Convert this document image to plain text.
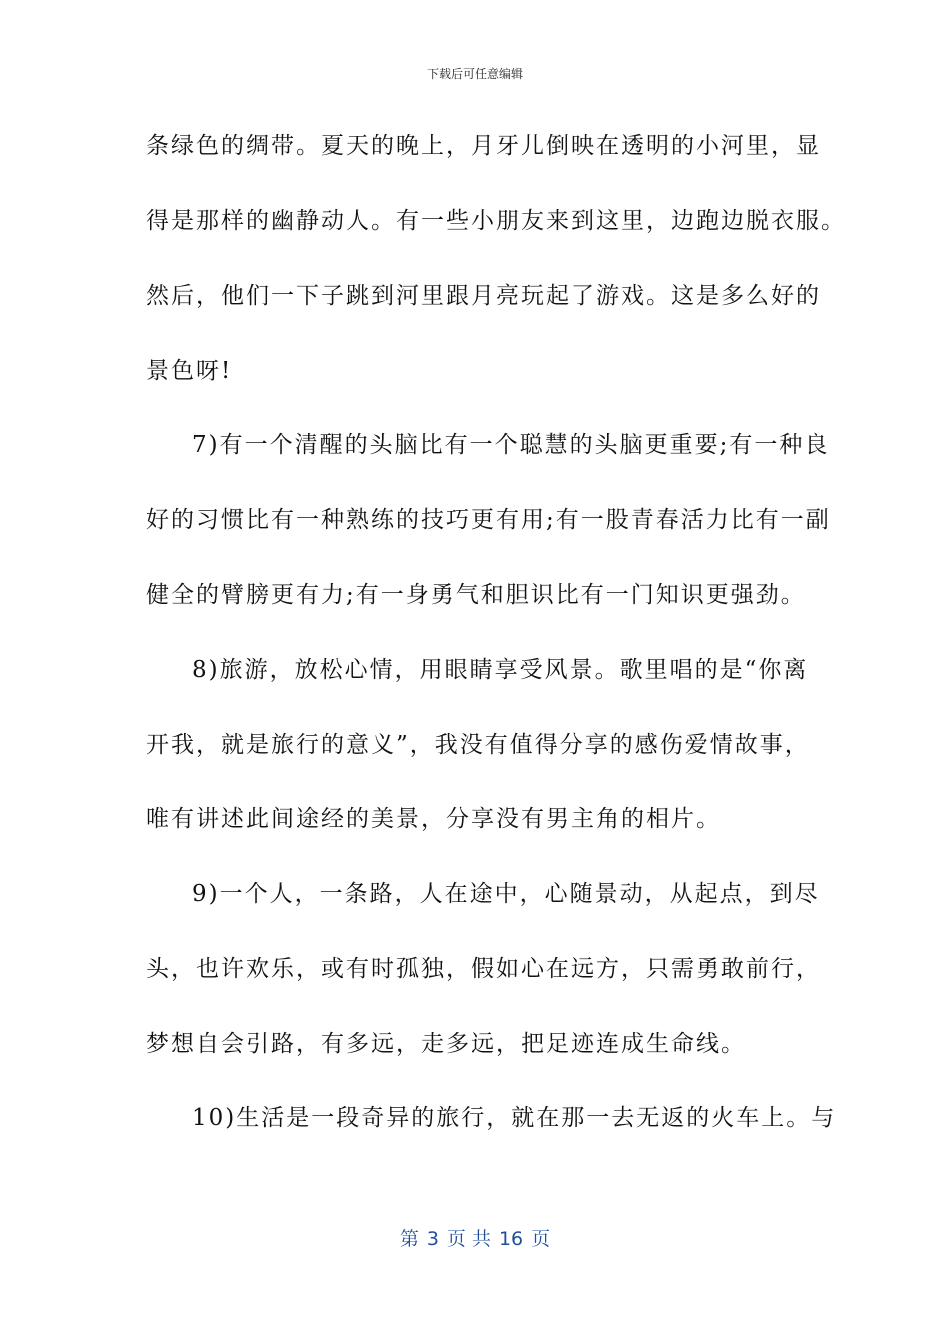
下载后可任意编辑
条绿色的绸带。夏天的晚上，月牙儿倒映在透明的小河里，显
得是那样的幽静动人。有一些小朋友来到这里，边跑边脱衣服。
然后，他们一下子跳到河里跟月亮玩起了游戏。这是多么好的
景色呀!
7)有一个清醒的头脑比有一个聪慧的头脑更重要;有一种良
好的习惯比有一种熟练的技巧更有用;有一股青春活力比有一副
健全的臂膀更有力;有一身勇气和胆识比有一门知识更强劲。
8)旅游，放松心情，用眼睛享受风景。歌里唱的是“你离
开我，就是旅行的意义”，我没有值得分享的感伤爱情故事，
唯有讲述此间途经的美景，分享没有男主角的相片。
9)一个人，一条路，人在途中，心随景动，从起点，到尽
头，也许欢乐，或有时孤独，假如心在远方，只需勇敢前行，
梦想自会引路，有多远，走多远，把足迹连成生命线。
10)生活是一段奇异的旅行，就在那一去无返的火车上。与
第 3 页 共 16 页
